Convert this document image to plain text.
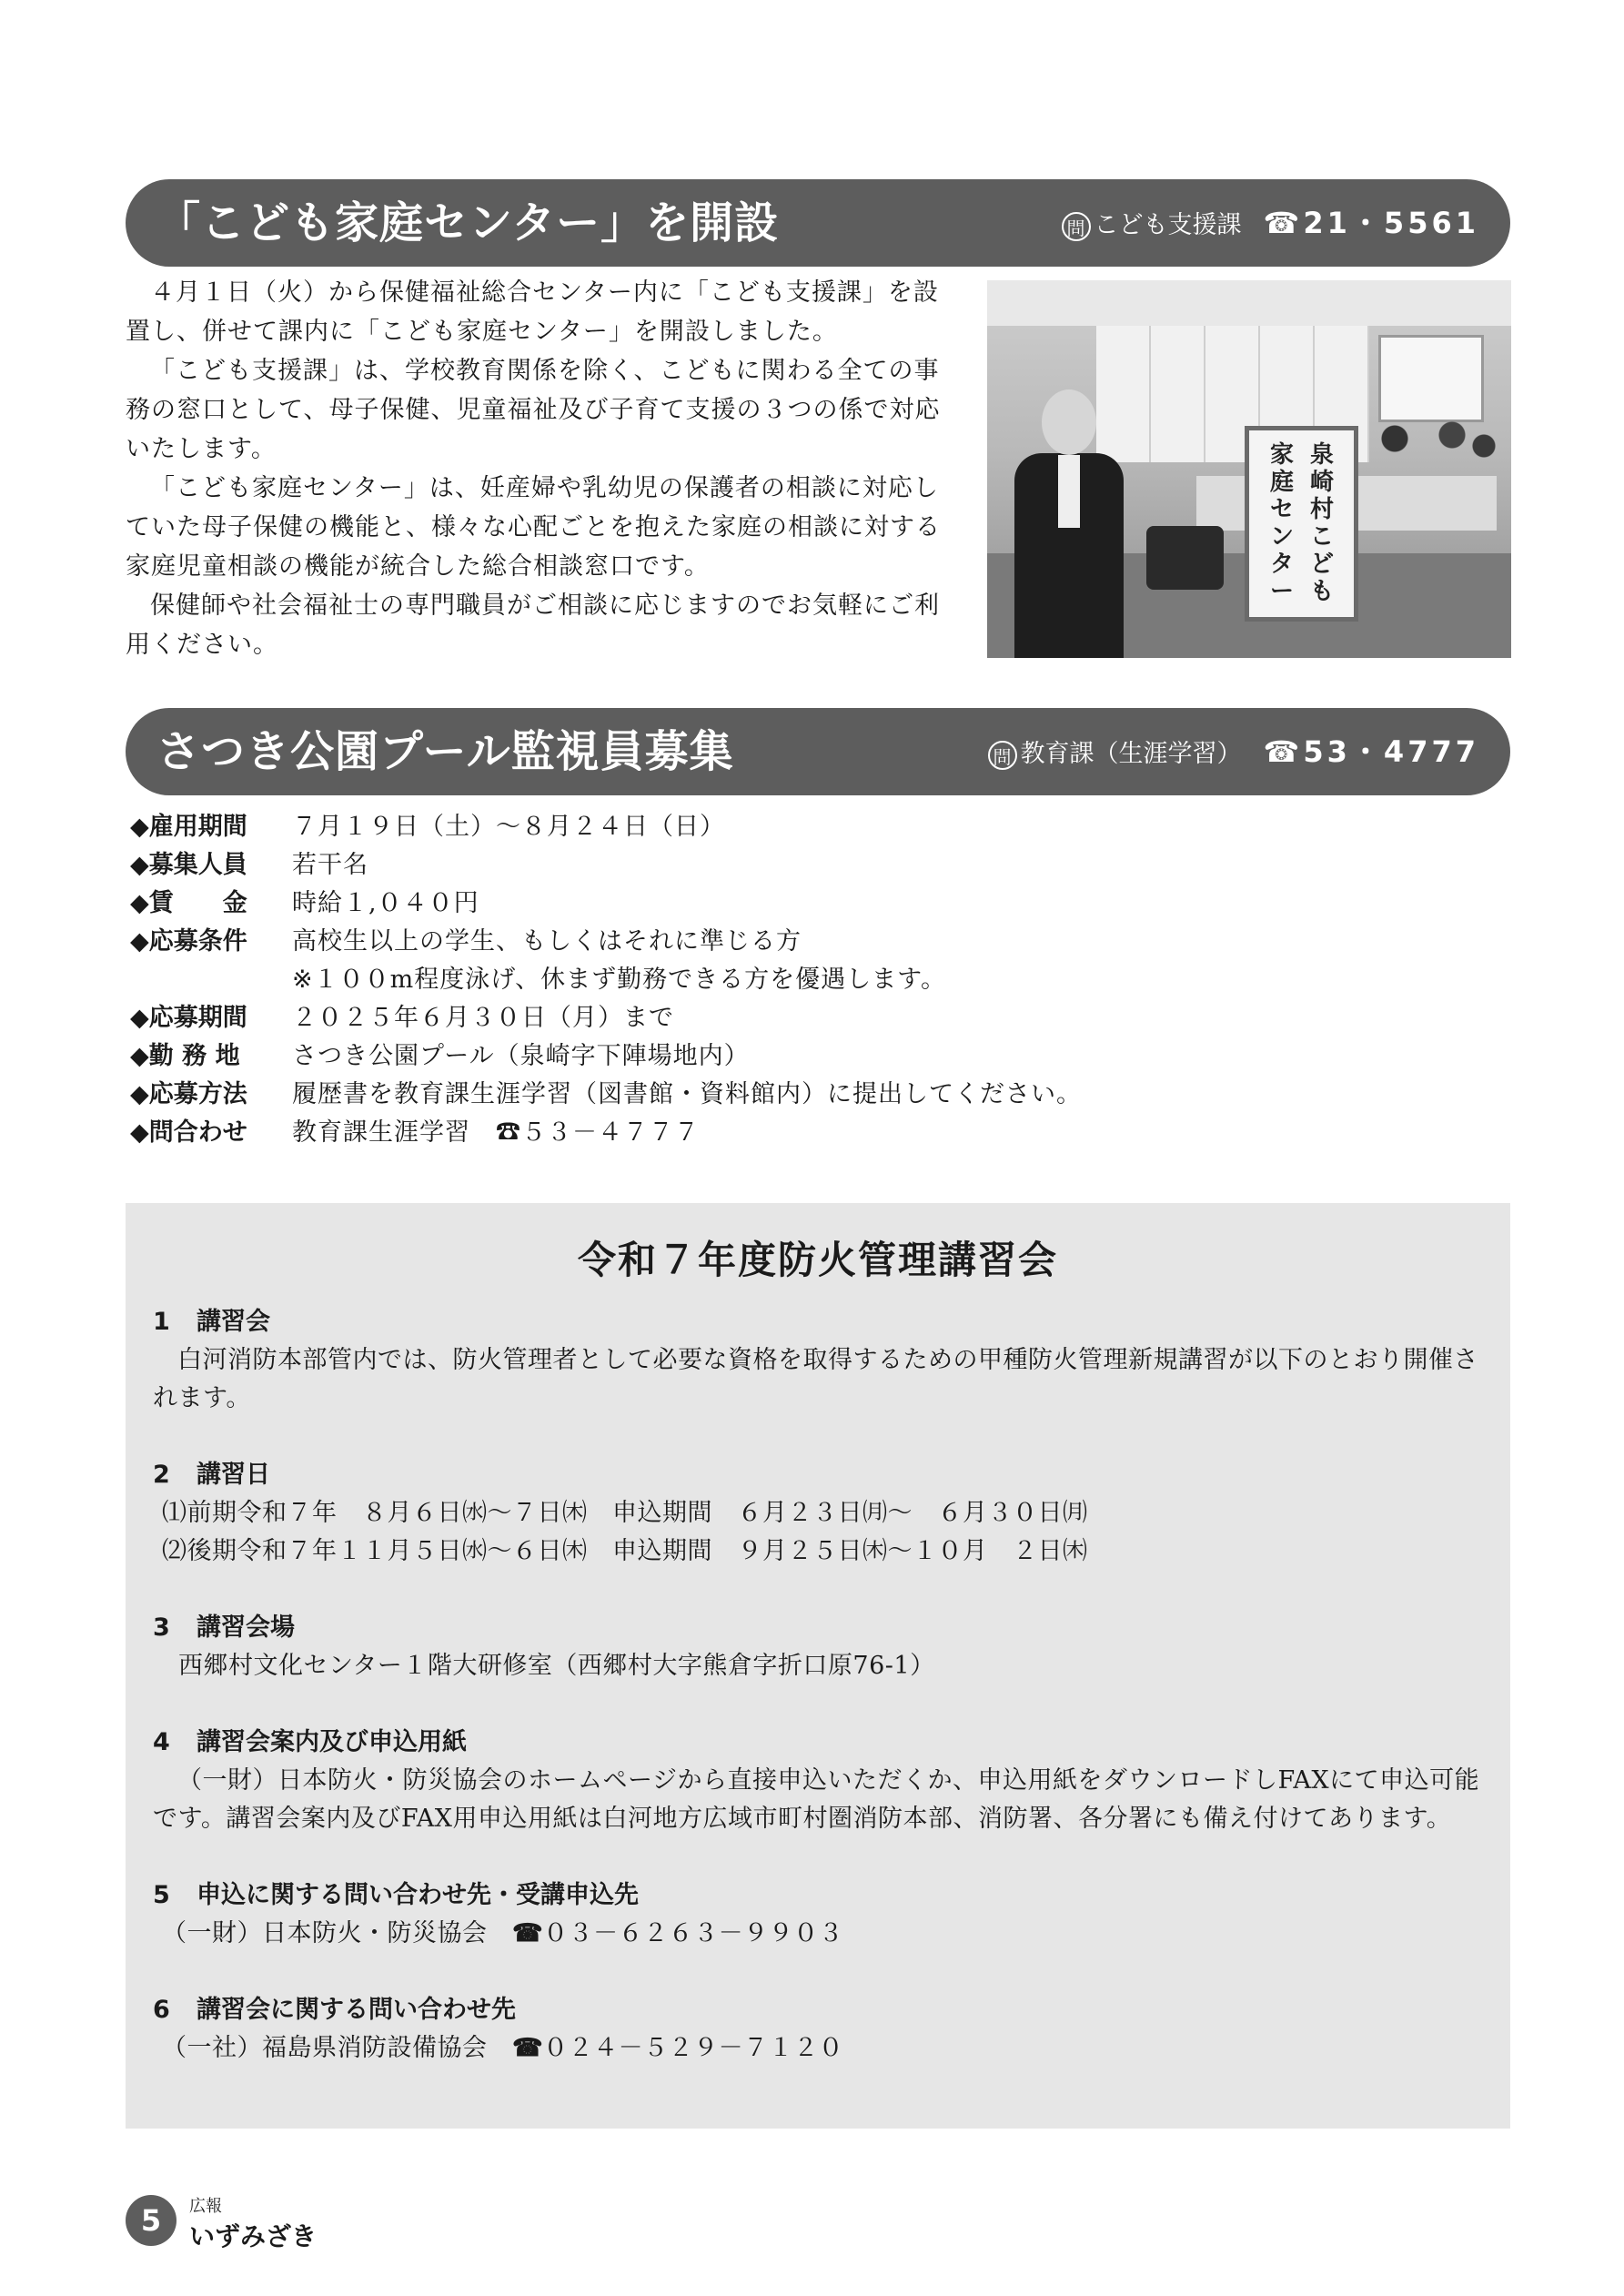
「こども家庭センター」を開設	問 こども支援課 ☎21・5561

４月１日（火）から保健福祉総合センター内に「こども支援課」を設置し、併せて課内に「こども家庭センター」を開設しました。

「こども支援課」は、学校教育関係を除く、こどもに関わる全ての事務の窓口として、母子保健、児童福祉及び子育て支援の３つの係で対応いたします。

「こども家庭センター」は、妊産婦や乳幼児の保護者の相談に対応していた母子保健の機能と、様々な心配ごとを抱えた家庭の相談に対する家庭児童相談の機能が統合した総合相談窓口です。

保健師や社会福祉士の専門職員がご相談に応じますのでお気軽にご利用ください。

泉崎村こども
家庭センター
さつき公園プール監視員募集	問 教育課（生涯学習） ☎53・4777
◆雇用期間	７月１９日（土）～８月２４日（日）
◆募集人員	若干名
◆賃　　金	時給１,０４０円
◆応募条件	高校生以上の学生、もしくはそれに準じる方
※１００m程度泳げ、休まず勤務できる方を優遇します。
◆応募期間	２０２５年６月３０日（月）まで
◆勤 務 地	さつき公園プール（泉崎字下陣場地内）
◆応募方法	履歴書を教育課生涯学習（図書館・資料館内）に提出してください。
◆問合わせ	教育課生涯学習　☎５３－４７７７
令和７年度防火管理講習会
1 講習会

白河消防本部管内では、防火管理者として必要な資格を取得するための甲種防火管理新規講習が以下のとおり開催されます。

2 講習日

⑴前期令和７年　８月６日㈬～７日㈭　申込期間　６月２３日㈪～　６月３０日㈪

⑵後期令和７年１１月５日㈬～６日㈭　申込期間　９月２５日㈭～１０月　２日㈭

3 講習会場

西郷村文化センター１階大研修室（西郷村大字熊倉字折口原76-1）

4 講習会案内及び申込用紙

（一財）日本防火・防災協会のホームページから直接申込いただくか、申込用紙をダウンロードしFAXにて申込可能です。講習会案内及びFAX用申込用紙は白河地方広域市町村圏消防本部、消防署、各分署にも備え付けてあります。

5 申込に関する問い合わせ先・受講申込先

（一財）日本防火・防災協会　 ☎０３－６２６３－９９０３

6 講習会に関する問い合わせ先

（一社）福島県消防設備協会　 ☎０２４－５２９－７１２０

5	広報
いずみざき
